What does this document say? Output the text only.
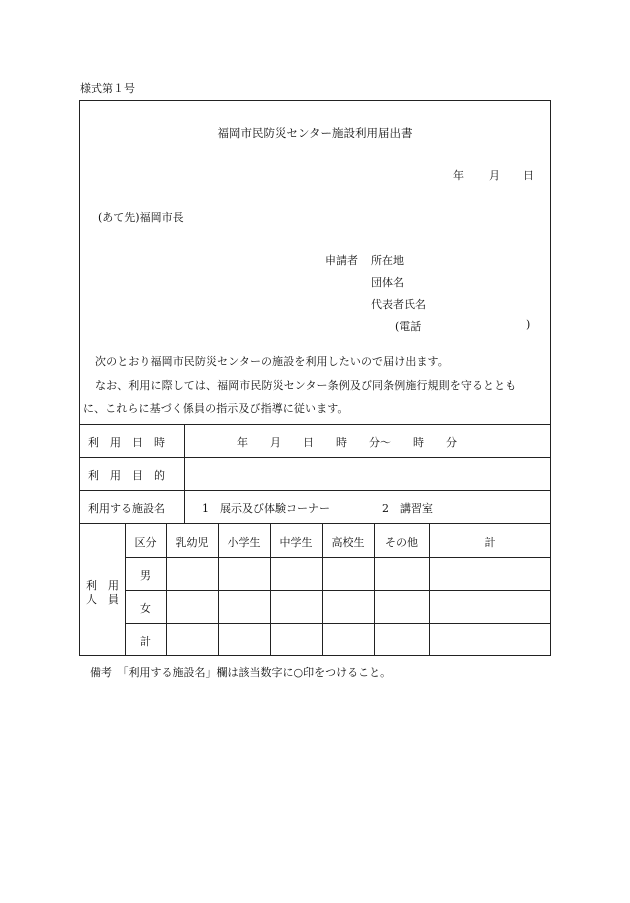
様式第１号
福岡市民防災センター施設利用届出書
年 月 日
(あて先)福岡市長
申請者 所在地
団体名
代表者氏名
(電話	)
次のとおり福岡市民防災センターの施設を利用したいので届け出ます。
なお、利用に際しては、福岡市民防災センター条例及び同条例施行規則を守るととも
に、これらに基づく係員の指示及び指導に従います。
利　用　日　時	年　　月　　日　　時　　分～　　時　　分
利　用　目　的
利用する施設名	1　展示及び体験コーナー	2　講習室
利　用
人　員
区分	乳幼児	小学生	中学生	高校生	その他	計
男
女
計
備考　「利用する施設名」欄は該当数字に○印をつけること。
